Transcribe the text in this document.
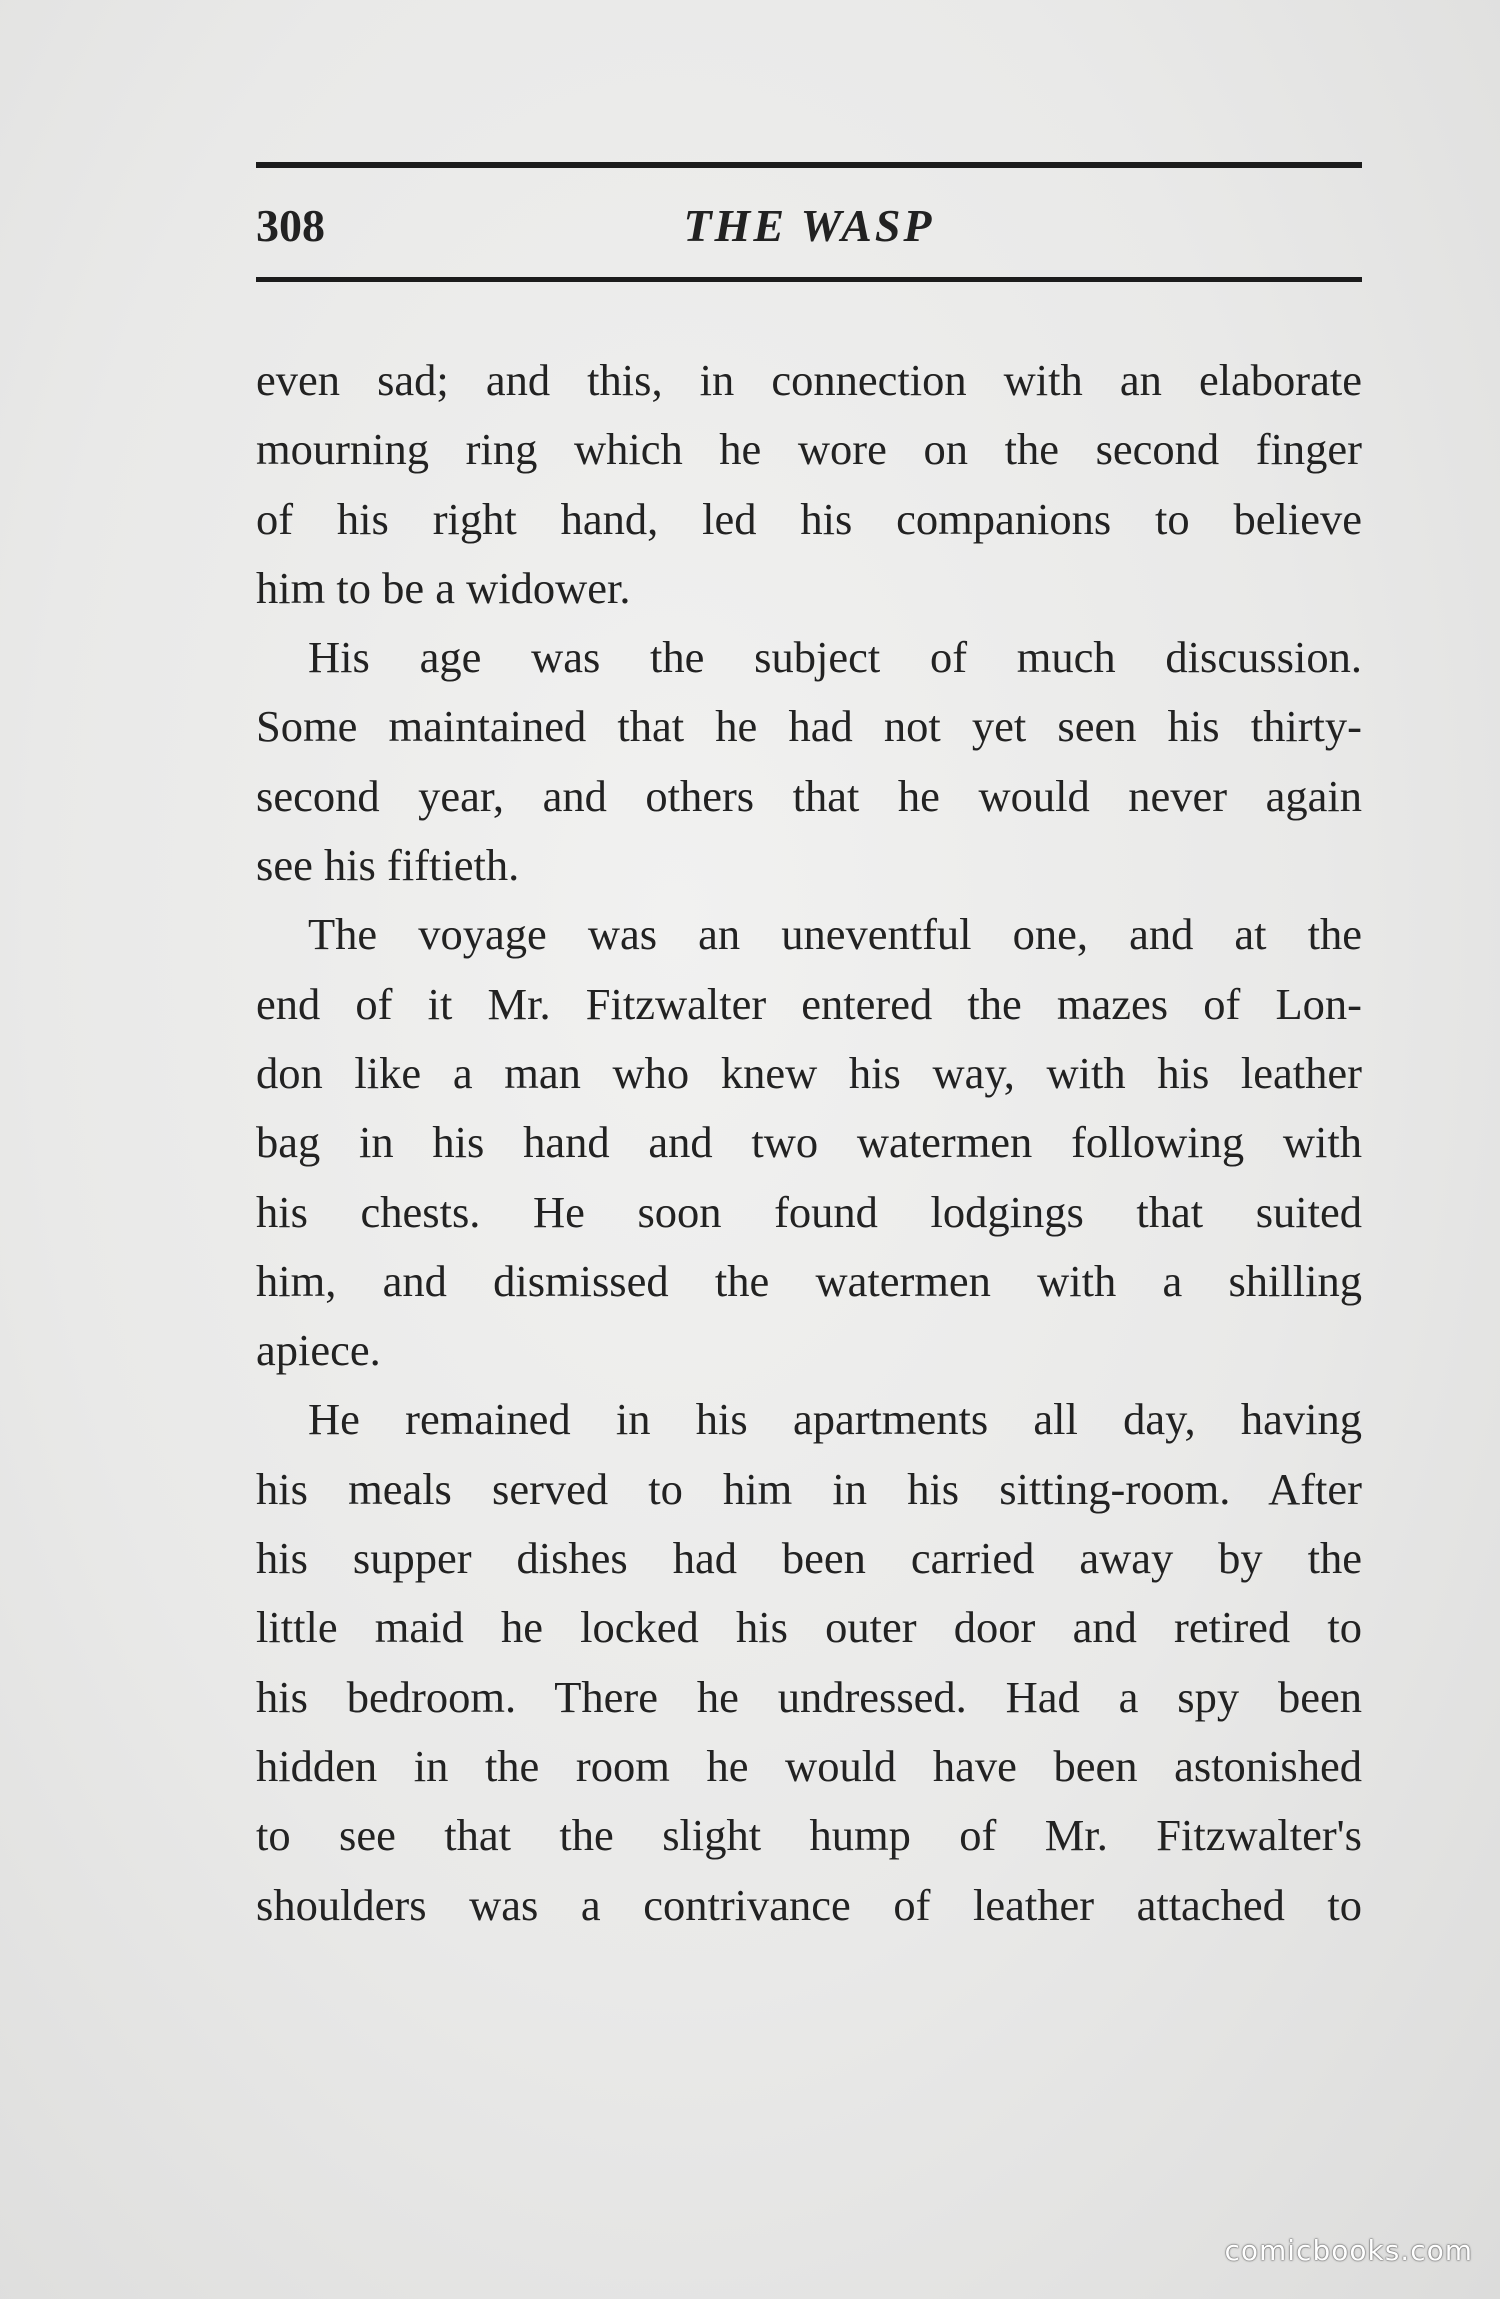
308	THE WASP

even sad; and this, in connection with an elaborate

mourning ring which he wore on the second finger

of his right hand, led his companions to believe

him to be a widower.

His age was the subject of much discussion.

Some maintained that he had not yet seen his thirty-

second year, and others that he would never again

see his fiftieth.

The voyage was an uneventful one, and at the

end of it Mr. Fitzwalter entered the mazes of Lon-

don like a man who knew his way, with his leather

bag in his hand and two watermen following with

his chests. He soon found lodgings that suited

him, and dismissed the watermen with a shilling

apiece.

He remained in his apartments all day, having

his meals served to him in his sitting-room. After

his supper dishes had been carried away by the

little maid he locked his outer door and retired to

his bedroom. There he undressed. Had a spy been

hidden in the room he would have been astonished

to see that the slight hump of Mr. Fitzwalter's

shoulders was a contrivance of leather attached to

comicbooks.com
